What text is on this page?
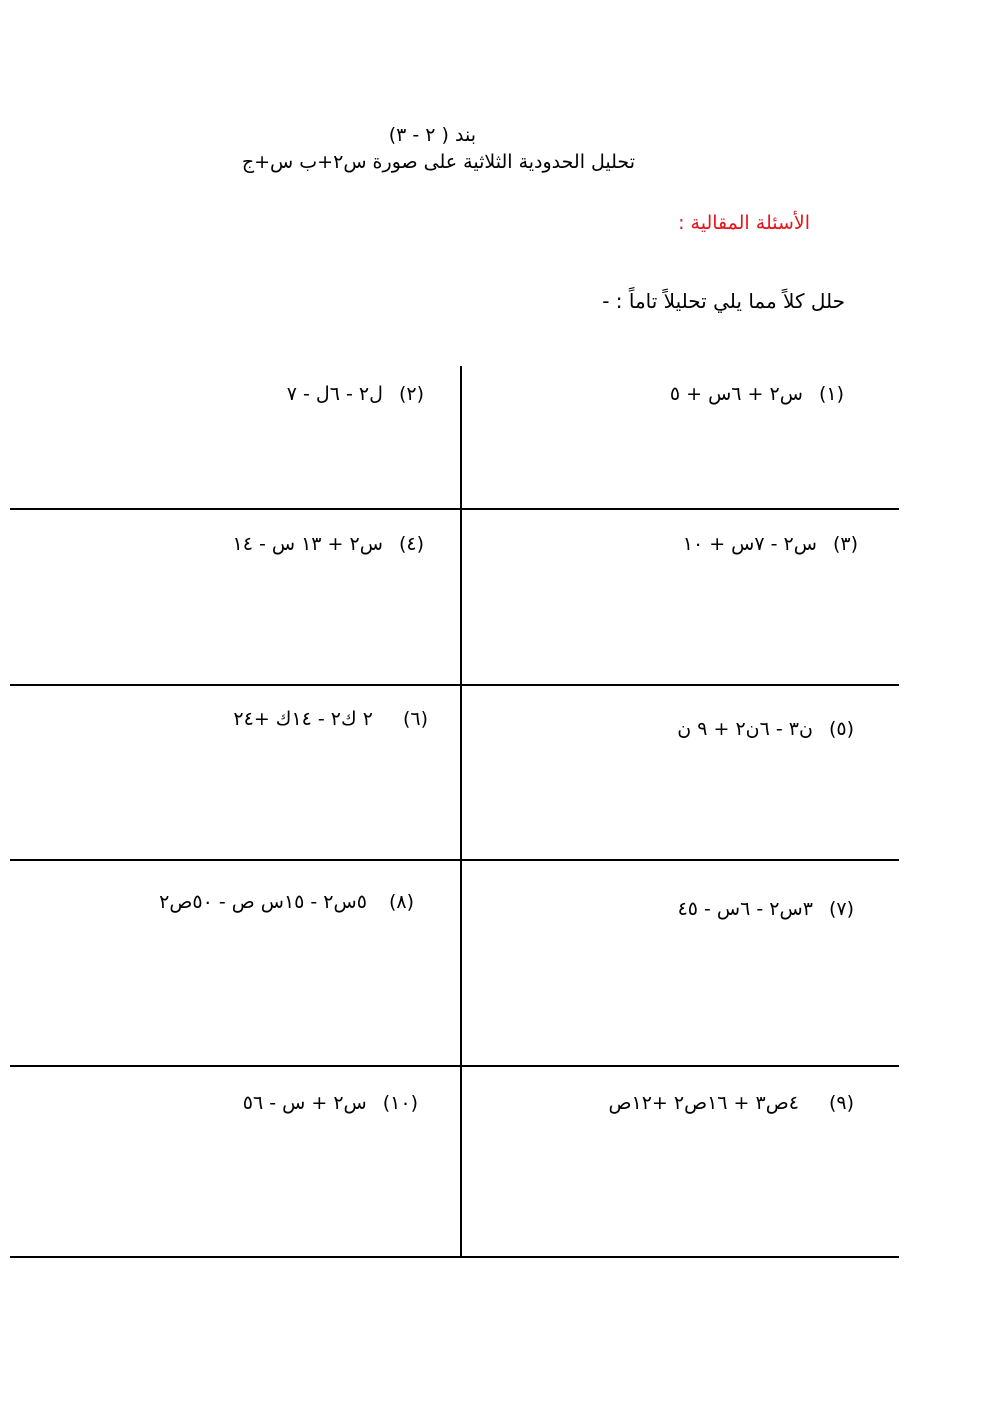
بند ( ٢ - ٣)
تحليل الحدودية الثلاثية على صورة س٢+ب س+ج
الأسئلة المقالية :
حلل كلاً مما يلي تحليلاً تاماً : -
(١)س٢ + ٦س + ٥
(٢)ل٢ - ٦ل - ٧
(٣)س٢ - ٧س + ١٠
(٤)س٢ + ١٣ س - ١٤
(٥)ن٣ - ٦ن٢ + ٩ ن
(٦)٢ ك٢ - ١٤ك +٢٤
(٧)٣س٢ - ٦س - ٤٥
(٨)٥س٢ - ١٥س ص - ٥٠ص٢
(٩)٤ص٣ + ١٦ص٢ +١٢ص
(١٠)س٢ + س - ٥٦
